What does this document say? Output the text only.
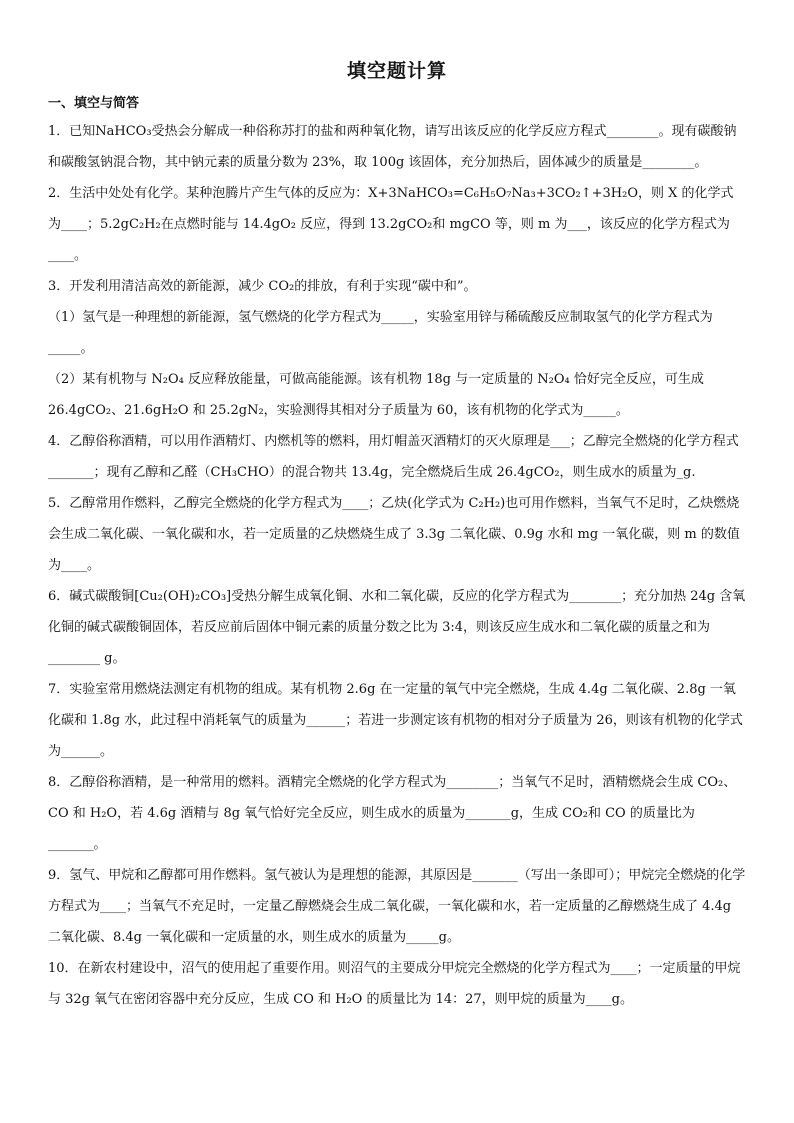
填空题计算
一、填空与简答

1．已知NaHCO₃受热会分解成一种俗称苏打的盐和两种氧化物，请写出该反应的化学反应方程式________。现有碳酸钠和碳酸氢钠混合物，其中钠元素的质量分数为 23%，取 100g 该固体，充分加热后，固体减少的质量是________。

2．生活中处处有化学。某种泡腾片产生气体的反应为：X+3NaHCO₃=C₆H₅O₇Na₃+3CO₂↑+3H₂O，则 X 的化学式为____；5.2gC₂H₂在点燃时能与 14.4gO₂ 反应，得到 13.2gCO₂和 mgCO 等，则 m 为___，该反应的化学方程式为____。

3．开发利用清洁高效的新能源，减少 CO₂的排放，有利于实现“碳中和”。

（1）氢气是一种理想的新能源，氢气燃烧的化学方程式为_____，实验室用锌与稀硫酸反应制取氢气的化学方程式为_____。

（2）某有机物与 N₂O₄ 反应释放能量，可做高能能源。该有机物 18g 与一定质量的 N₂O₄ 恰好完全反应，可生成 26.4gCO₂、21.6gH₂O 和 25.2gN₂，实验测得其相对分子质量为 60，该有机物的化学式为_____。

4．乙醇俗称酒精，可以用作酒精灯、内燃机等的燃料，用灯帽盖灭酒精灯的灭火原理是___；乙醇完全燃烧的化学方程式_______；现有乙醇和乙醛（CH₃CHO）的混合物共 13.4g，完全燃烧后生成 26.4gCO₂，则生成水的质量为_g.

5．乙醇常用作燃料，乙醇完全燃烧的化学方程式为____；乙炔(化学式为 C₂H₂)也可用作燃料，当氧气不足时，乙炔燃烧会生成二氧化碳、一氧化碳和水，若一定质量的乙炔燃烧生成了 3.3g 二氧化碳、0.9g 水和 mg 一氧化碳，则 m 的数值为____。

6．碱式碳酸铜[Cu₂(OH)₂CO₃]受热分解生成氧化铜、水和二氧化碳，反应的化学方程式为________；充分加热 24g 含氧化铜的碱式碳酸铜固体，若反应前后固体中铜元素的质量分数之比为 3:4，则该反应生成水和二氧化碳的质量之和为 ________ g。

7．实验室常用燃烧法测定有机物的组成。某有机物 2.6g 在一定量的氧气中完全燃烧，生成 4.4g 二氧化碳、2.8g 一氧化碳和 1.8g 水，此过程中消耗氧气的质量为______；若进一步测定该有机物的相对分子质量为 26，则该有机物的化学式为______。

8．乙醇俗称酒精，是一种常用的燃料。酒精完全燃烧的化学方程式为________；当氧气不足时，酒精燃烧会生成 CO₂、CO 和 H₂O，若 4.6g 酒精与 8g 氧气恰好完全反应，则生成水的质量为_______g，生成 CO₂和 CO 的质量比为_______。

9．氢气、甲烷和乙醇都可用作燃料。氢气被认为是理想的能源，其原因是_______（写出一条即可）；甲烷完全燃烧的化学方程式为____；当氧气不充足时，一定量乙醇燃烧会生成二氧化碳，一氧化碳和水，若一定质量的乙醇燃烧生成了 4.4g 二氧化碳、8.4g 一氧化碳和一定质量的水，则生成水的质量为_____g。

10．在新农村建设中，沼气的使用起了重要作用。则沼气的主要成分甲烷完全燃烧的化学方程式为____；一定质量的甲烷与 32g 氧气在密闭容器中充分反应，生成 CO 和 H₂O 的质量比为 14：27，则甲烷的质量为____g。
